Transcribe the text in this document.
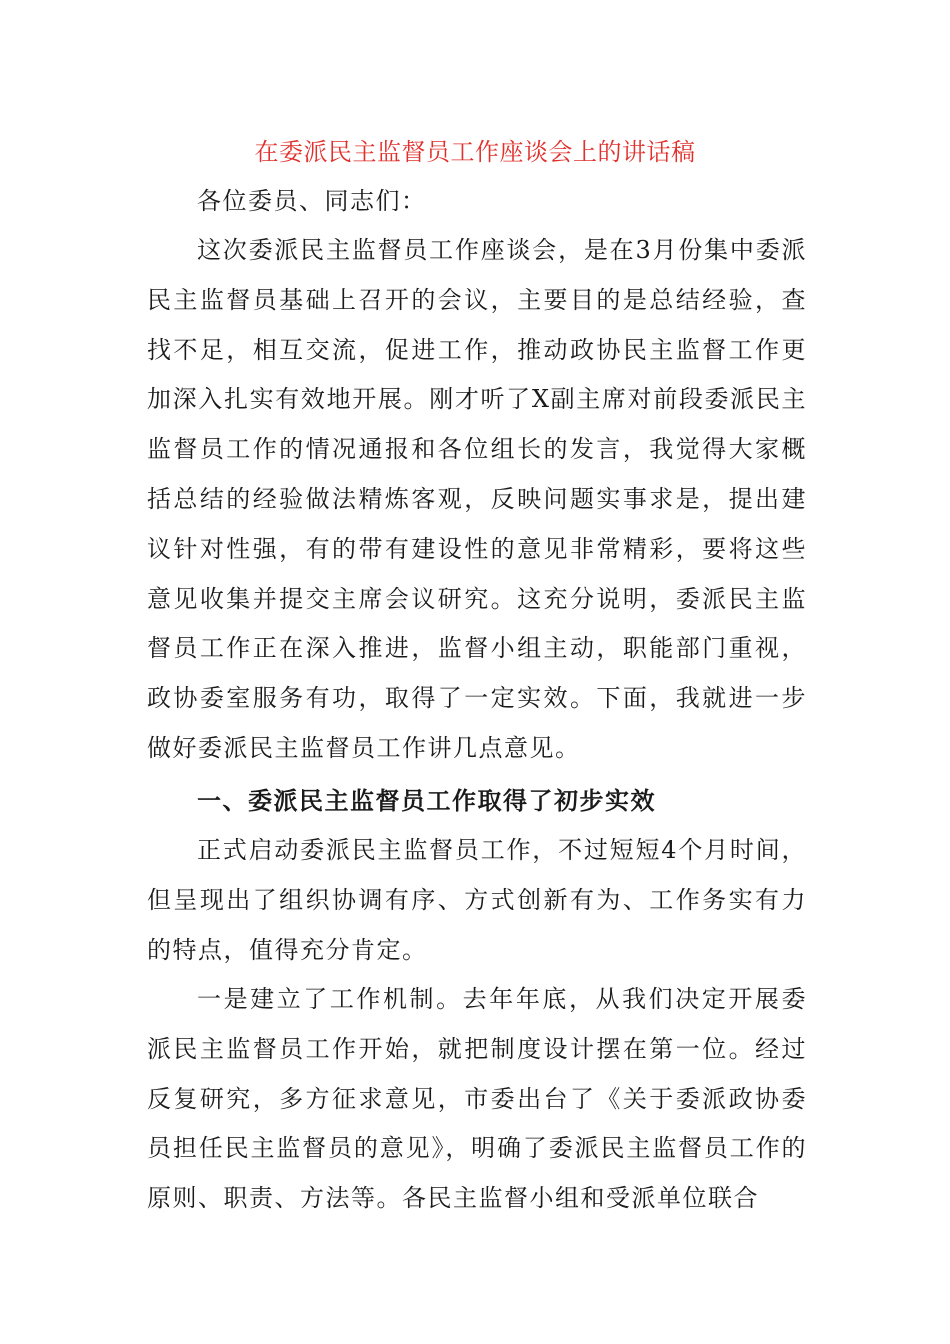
在委派民主监督员工作座谈会上的讲话稿
各位委员、同志们：
这次委派民主监督员工作座谈会，是在3月份集中委派民主监督员基础上召开的会议，主要目的是总结经验，查找不足，相互交流，促进工作，推动政协民主监督工作更加深入扎实有效地开展。刚才听了X副主席对前段委派民主监督员工作的情况通报和各位组长的发言，我觉得大家概括总结的经验做法精炼客观，反映问题实事求是，提出建议针对性强，有的带有建设性的意见非常精彩，要将这些意见收集并提交主席会议研究。这充分说明，委派民主监督员工作正在深入推进，监督小组主动，职能部门重视，政协委室服务有功，取得了一定实效。下面，我就进一步做好委派民主监督员工作讲几点意见。
一、委派民主监督员工作取得了初步实效
正式启动委派民主监督员工作，不过短短4个月时间，但呈现出了组织协调有序、方式创新有为、工作务实有力的特点，值得充分肯定。
一是建立了工作机制。去年年底，从我们决定开展委派民主监督员工作开始，就把制度设计摆在第一位。经过反复研究，多方征求意见，市委出台了《关于委派政协委员担任民主监督员的意见》，明确了委派民主监督员工作的原则、职责、方法等。各民主监督小组和受派单位联合
